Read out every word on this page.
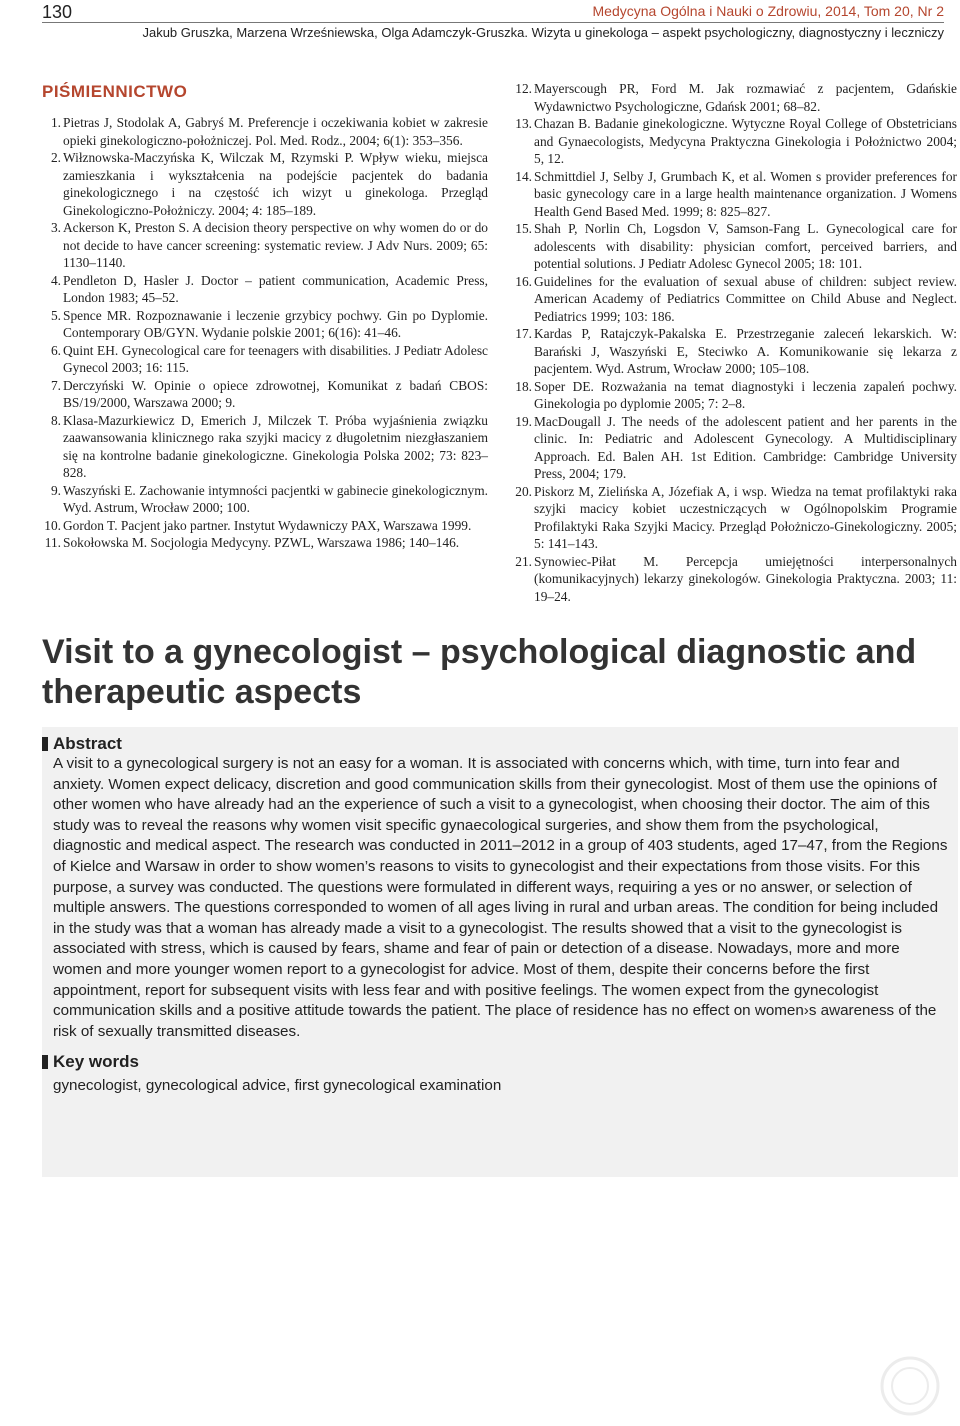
130	Medycyna Ogólna i Nauki o Zdrowiu, 2014, Tom 20, Nr 2
Jakub Gruszka, Marzena Wrześniewska, Olga Adamczyk-Gruszka. Wizyta u ginekologa – aspekt psychologiczny, diagnostyczny i leczniczy
PIŚMIENNICTWO
1. Pietras J, Stodolak A, Gabryś M. Preferencje i oczekiwania kobiet w zakresie opieki ginekologiczno-położniczej. Pol. Med. Rodz., 2004; 6(1): 353–356.
2. Wiłznowska-Maczyńska K, Wilczak M, Rzymski P. Wpływ wieku, miejsca zamieszkania i wykształcenia na podejście pacjentek do badania ginekologicznego i na częstość ich wizyt u ginekologa. Przegląd Ginekologiczno-Położniczy. 2004; 4: 185–189.
3. Ackerson K, Preston S. A decision theory perspective on why women do or do not decide to have cancer screening: systematic review. J Adv Nurs. 2009; 65: 1130–1140.
4. Pendleton D, Hasler J. Doctor – patient communication, Academic Press, London 1983; 45–52.
5. Spence MR. Rozpoznawanie i leczenie grzybicy pochwy. Gin po Dyplomie. Contemporary OB/GYN. Wydanie polskie 2001; 6(16): 41–46.
6. Quint EH. Gynecological care for teenagers with disabilities. J Pediatr Adolesc Gynecol 2003; 16: 115.
7. Derczyński W. Opinie o opiece zdrowotnej, Komunikat z badań CBOS: BS/19/2000, Warszawa 2000; 9.
8. Klasa-Mazurkiewicz D, Emerich J, Milczek T. Próba wyjaśnienia związku zaawansowania klinicznego raka szyjki macicy z długoletnim niezgłaszaniem się na kontrolne badanie ginekologiczne. Ginekologia Polska 2002; 73: 823–828.
9. Waszyński E. Zachowanie intymności pacjentki w gabinecie ginekologicznym. Wyd. Astrum, Wrocław 2000; 100.
10. Gordon T. Pacjent jako partner. Instytut Wydawniczy PAX, Warszawa 1999.
11. Sokołowska M. Socjologia Medycyny. PZWL, Warszawa 1986; 140–146.
12. Mayerscough PR, Ford M. Jak rozmawiać z pacjentem, Gdańskie Wydawnictwo Psychologiczne, Gdańsk 2001; 68–82.
13. Chazan B. Badanie ginekologiczne. Wytyczne Royal College of Obstetricians and Gynaecologists, Medycyna Praktyczna Ginekologia i Położnictwo 2004; 5, 12.
14. Schmittdiel J, Selby J, Grumbach K, et al. Women s provider preferences for basic gynecology care in a large health maintenance organization. J Womens Health Gend Based Med. 1999; 8: 825–827.
15. Shah P, Norlin Ch, Logsdon V, Samson-Fang L. Gynecological care for adolescents with disability: physician comfort, perceived barriers, and potential solutions. J Pediatr Adolesc Gynecol 2005; 18: 101.
16. Guidelines for the evaluation of sexual abuse of children: subject review. American Academy of Pediatrics Committee on Child Abuse and Neglect. Pediatrics 1999; 103: 186.
17. Kardas P, Ratajczyk-Pakalska E. Przestrzeganie zaleceń lekarskich. W: Barański J, Waszyński E, Steciwko A. Komunikowanie się lekarza z pacjentem. Wyd. Astrum, Wrocław 2000; 105–108.
18. Soper DE. Rozważania na temat diagnostyki i leczenia zapaleń pochwy. Ginekologia po dyplomie 2005; 7: 2–8.
19. MacDougall J. The needs of the adolescent patient and her parents in the clinic. In: Pediatric and Adolescent Gynecology. A Multidisciplinary Approach. Ed. Balen AH. 1st Edition. Cambridge: Cambridge University Press, 2004; 179.
20. Piskorz M, Zielińska A, Józefiak A, i wsp. Wiedza na temat profilaktyki raka szyjki macicy kobiet uczestniczących w Ogólnopolskim Programie Profilaktyki Raka Szyjki Macicy. Przegląd Położniczo-Ginekologiczny. 2005; 5: 141–143.
21. Synowiec-Piłat M. Percepcja umiejętności interpersonalnych (komunikacyjnych) lekarzy ginekologów. Ginekologia Praktyczna. 2003; 11: 19–24.
Visit to a gynecologist – psychological diagnostic and therapeutic aspects
Abstract

A visit to a gynecological surgery is not an easy for a woman. It is associated with concerns which, with time, turn into fear and anxiety. Women expect delicacy, discretion and good communication skills from their gynecologist. Most of them use the opinions of other women who have already had an the experience of such a visit to a gynecologist, when choosing their doctor. The aim of this study was to reveal the reasons why women visit specific gynaecological surgeries, and show them from the psychological, diagnostic and medical aspect. The research was conducted in 2011–2012 in a group of 403 students, aged 17–47, from the Regions of Kielce and Warsaw in order to show women’s reasons to visits to gynecologist and their expectations from those visits. For this purpose, a survey was conducted. The questions were formulated in different ways, requiring a yes or no answer, or selection of multiple answers. The questions corresponded to women of all ages living in rural and urban areas. The condition for being included in the study was that a woman has already made a visit to a gynecologist. The results showed that a visit to the gynecologist is associated with stress, which is caused by fears, shame and fear of pain or detection of a disease. Nowadays, more and more women and more younger women report to a gynecologist for advice. Most of them, despite their concerns before the first appointment, report for subsequent visits with less fear and with positive feelings. The women expect from the gynecologist communication skills and a positive attitude towards the patient. The place of residence has no effect on women›s awareness of the risk of sexually transmitted diseases.

Key words

gynecologist, gynecological advice, first gynecological examination
